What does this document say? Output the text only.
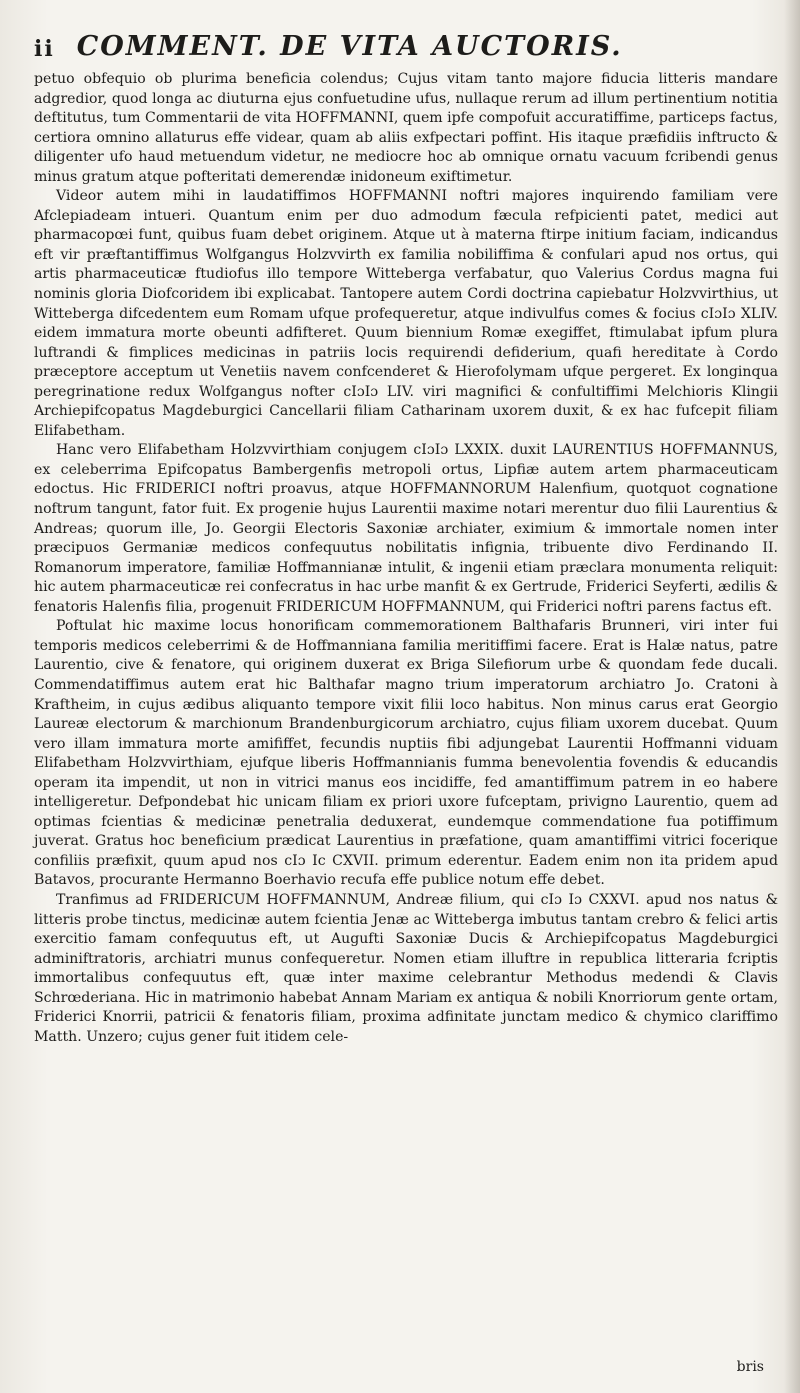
ii COMMENT. DE VITA AUCTORIS.

petuo obfequio ob plurima beneficia colendus; Cujus vitam tanto majore fiducia litteris mandare adgredior, quod longa ac diuturna ejus confuetudine ufus, nullaque rerum ad illum pertinentium notitia deftitutus, tum Commentarii de vita HOFFMANNI, quem ipfe compofuit accuratiffime, particeps factus, certiora omnino allaturus effe videar, quam ab aliis exfpectari poffint. His itaque præfidiis inftructo & diligenter ufo haud metuendum videtur, ne mediocre hoc ab omnique ornatu vacuum fcribendi genus minus gratum atque pofteritati demerendæ inidoneum exiftimetur.

Videor autem mihi in laudatiffimos HOFFMANNI noftri majores inquirendo familiam vere Afclepiadeam intueri. Quantum enim per duo admodum fæcula refpicienti patet, medici aut pharmacopœi funt, quibus fuam debet originem. Atque ut à materna ftirpe initium faciam, indicandus eft vir præftantiffimus Wolfgangus Holzvvirth ex familia nobiliffima & confulari apud nos ortus, qui artis pharmaceuticæ ftudiofus illo tempore Witteberga verfabatur, quo Valerius Cordus magna fui nominis gloria Diofcoridem ibi explicabat. Tantopere autem Cordi doctrina capiebatur Holzvvirthius, ut Witteberga difcedentem eum Romam ufque profequeretur, atque indivulfus comes & focius cIɔIɔ XLIV. eidem immatura morte obeunti adfifteret. Quum biennium Romæ exegiffet, ftimulabat ipfum plura luftrandi & fimplices medicinas in patriis locis requirendi defiderium, quafi hereditate à Cordo præceptore acceptum ut Venetiis navem confcenderet & Hierofolymam ufque pergeret. Ex longinqua peregrinatione redux Wolfgangus nofter cIɔIɔ LIV. viri magnifici & confultiffimi Melchioris Klingii Archiepifcopatus Magdeburgici Cancellarii filiam Catharinam uxorem duxit, & ex hac fufcepit filiam Elifabetham.

Hanc vero Elifabetham Holzvvirthiam conjugem cIɔIɔ LXXIX. duxit LAURENTIUS HOFFMANNUS, ex celeberrima Epifcopatus Bambergenfis metropoli ortus, Lipfiæ autem artem pharmaceuticam edoctus. Hic FRIDERICI noftri proavus, atque HOFFMANNORUM Halenfium, quotquot cognatione noftrum tangunt, fator fuit. Ex progenie hujus Laurentii maxime notari merentur duo filii Laurentius & Andreas; quorum ille, Jo. Georgii Electoris Saxoniæ archiater, eximium & immortale nomen inter præcipuos Germaniæ medicos confequutus nobilitatis infignia, tribuente divo Ferdinando II. Romanorum imperatore, familiæ Hoffmannianæ intulit, & ingenii etiam præclara monumenta reliquit: hic autem pharmaceuticæ rei confecratus in hac urbe manfit & ex Gertrude, Friderici Seyferti, ædilis & fenatoris Halenfis filia, progenuit FRIDERICUM HOFFMANNUM, qui Friderici noftri parens factus eft.

Poftulat hic maxime locus honorificam commemorationem Balthafaris Brunneri, viri inter fui temporis medicos celeberrimi & de Hoffmanniana familia meritiffimi facere. Erat is Halæ natus, patre Laurentio, cive & fenatore, qui originem duxerat ex Briga Silefiorum urbe & quondam fede ducali. Commendatiffimus autem erat hic Balthafar magno trium imperatorum archiatro Jo. Cratoni à Kraftheim, in cujus ædibus aliquanto tempore vixit filii loco habitus. Non minus carus erat Georgio Laureæ electorum & marchionum Brandenburgicorum archiatro, cujus filiam uxorem ducebat. Quum vero illam immatura morte amififfet, fecundis nuptiis fibi adjungebat Laurentii Hoffmanni viduam Elifabetham Holzvvirthiam, ejufque liberis Hoffmannianis fumma benevolentia fovendis & educandis operam ita impendit, ut non in vitrici manus eos incidiffe, fed amantiffimum patrem in eo habere intelligeretur. Defpondebat hic unicam filiam ex priori uxore fufceptam, privigno Laurentio, quem ad optimas fcientias & medicinæ penetralia deduxerat, eundemque commendatione fua potiffimum juverat. Gratus hoc beneficium prædicat Laurentius in præfatione, quam amantiffimi vitrici focerique confiliis præfixit, quum apud nos cIɔ Ic CXVII. primum ederentur. Eadem enim non ita pridem apud Batavos, procurante Hermanno Boerhavio recufa effe publice notum effe debet.

Tranfimus ad FRIDERICUM HOFFMANNUM, Andreæ filium, qui cIɔ Iɔ CXXVI. apud nos natus & litteris probe tinctus, medicinæ autem fcientia Jenæ ac Witteberga imbutus tantam crebro & felici artis exercitio famam confequutus eft, ut Augufti Saxoniæ Ducis & Archiepifcopatus Magdeburgici adminiftratoris, archiatri munus confequeretur. Nomen etiam illuftre in republica litteraria fcriptis immortalibus confequutus eft, quæ inter maxime celebrantur Methodus medendi & Clavis Schrœderiana. Hic in matrimonio habebat Annam Mariam ex antiqua & nobili Knorriorum gente ortam, Friderici Knorrii, patricii & fenatoris filiam, proxima adfinitate junctam medico & chymico clariffimo Matth. Unzero; cujus gener fuit itidem cele-

bris
